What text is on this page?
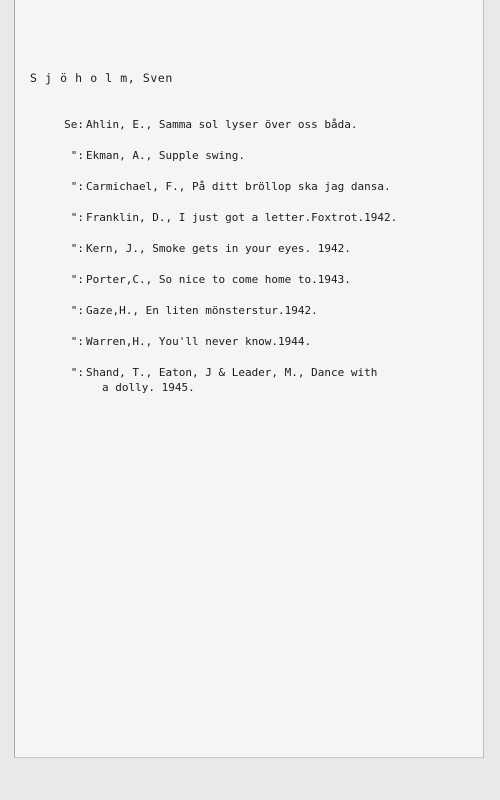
S j ö h o l m, Sven
Se: Ahlin, E., Samma sol lyser över oss båda.
": Ekman, A., Supple swing.
": Carmichael, F., På ditt bröllop ska jag dansa.
": Franklin, D., I just got a letter.Foxtrot.1942.
": Kern, J., Smoke gets in your eyes. 1942.
": Porter,C., So nice to come home to.1943.
": Gaze,H., En liten mönsterstur.1942.
": Warren,H., You'll never know.1944.
": Shand, T., Eaton, J & Leader, M., Dance with
a dolly. 1945.
